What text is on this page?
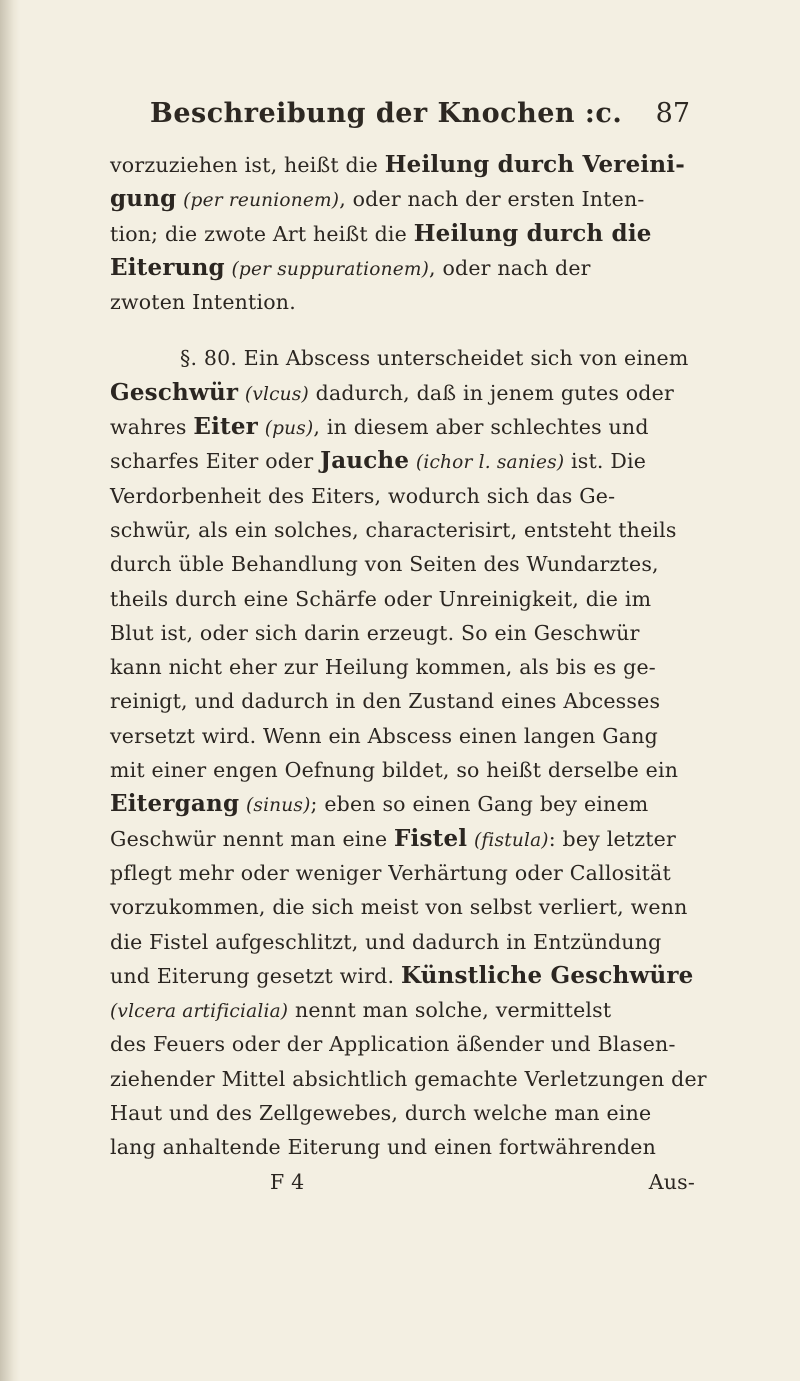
Beschreibung der Knochen :c. 87
vorzuziehen ist, heißt die Heilung durch Vereini-
gung (per reunionem), oder nach der ersten Inten-
tion; die zwote Art heißt die Heilung durch die
Eiterung (per suppurationem), oder nach der
zwoten Intention.
§. 80. Ein Abscess unterscheidet sich von einem
Geschwür (vlcus) dadurch, daß in jenem gutes oder
wahres Eiter (pus), in diesem aber schlechtes und
scharfes Eiter oder Jauche (ichor l. sanies) ist. Die
Verdorbenheit des Eiters, wodurch sich das Ge-
schwür, als ein solches, characterisirt, entsteht theils
durch üble Behandlung von Seiten des Wundarztes,
theils durch eine Schärfe oder Unreinigkeit, die im
Blut ist, oder sich darin erzeugt. So ein Geschwür
kann nicht eher zur Heilung kommen, als bis es ge-
reinigt, und dadurch in den Zustand eines Abcesses
versetzt wird. Wenn ein Abscess einen langen Gang
mit einer engen Oefnung bildet, so heißt derselbe ein
Eitergang (sinus); eben so einen Gang bey einem
Geschwür nennt man eine Fistel (fistula): bey letzter
pflegt mehr oder weniger Verhärtung oder Callosität
vorzukommen, die sich meist von selbst verliert, wenn
die Fistel aufgeschlitzt, und dadurch in Entzündung
und Eiterung gesetzt wird. Künstliche Geschwüre
(vlcera artificialia) nennt man solche, vermittelst
des Feuers oder der Application äßender und Blasen-
ziehender Mittel absichtlich gemachte Verletzungen der
Haut und des Zellgewebes, durch welche man eine
lang anhaltende Eiterung und einen fortwährenden
F 4	Aus-
